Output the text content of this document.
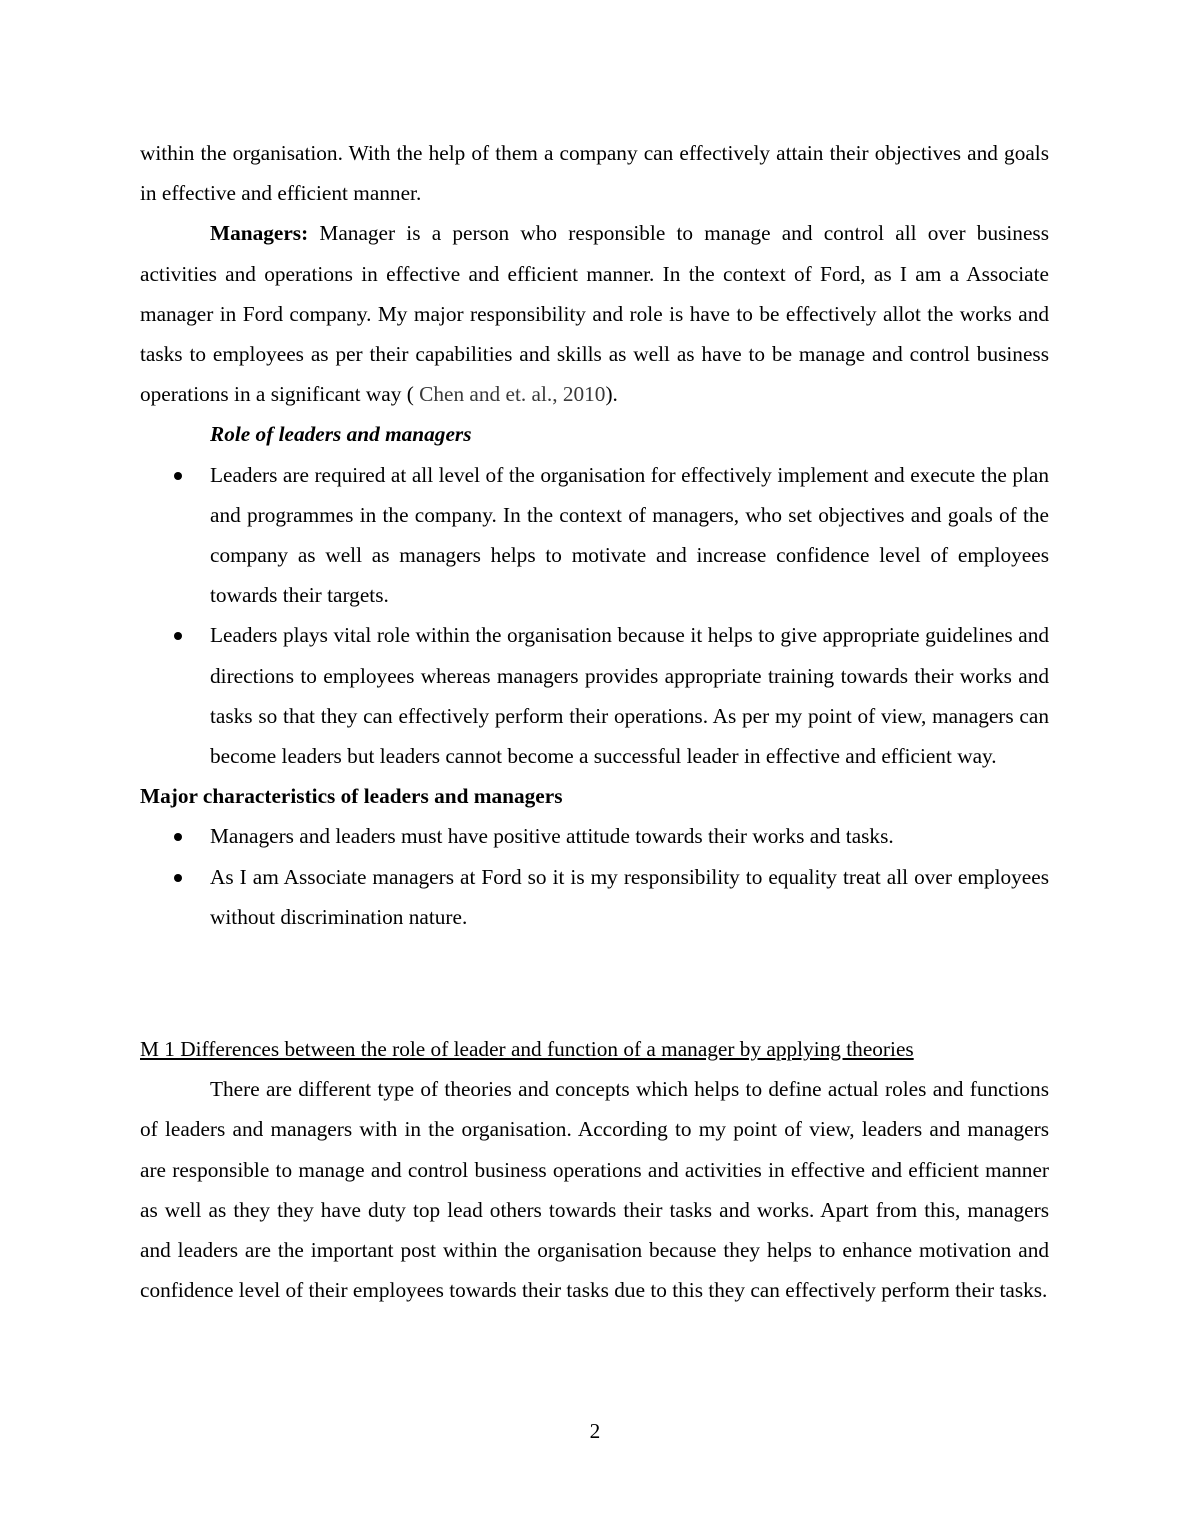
within the organisation. With the help of them a company can effectively attain their objectives and goals in effective and efficient manner.

Managers: Manager is a person who responsible to manage and control all over business activities and operations in effective and efficient manner. In the context of Ford, as I am a Associate manager in Ford company. My major responsibility and role is have to be effectively allot the works and tasks to employees as per their capabilities and skills as well as have to be manage and control business operations in a significant way ( Chen and et. al., 2010).

Role of leaders and managers

Leaders are required at all level of the organisation for effectively implement and execute the plan and programmes in the company. In the context of managers, who set objectives and goals of the company as well as managers helps to motivate and increase confidence level of employees towards their targets.
Leaders plays vital role within the organisation because it helps to give appropriate guidelines and directions to employees whereas managers provides appropriate training towards their works and tasks so that they can effectively perform their operations. As per my point of view, managers can become leaders but leaders cannot become a successful leader in effective and efficient way.

Major characteristics of leaders and managers

Managers and leaders must have positive attitude towards their works and tasks.
As I am Associate managers at Ford so it is my responsibility to equality treat all over employees without discrimination nature.

M 1 Differences between the role of leader and function of a manager by applying theories

There are different type of theories and concepts which helps to define actual roles and functions of leaders and managers with in the organisation. According to my point of view, leaders and managers are responsible to manage and control business operations and activities in effective and efficient manner as well as they they have duty top lead others towards their tasks and works. Apart from this, managers and leaders are the important post within the organisation because they helps to enhance motivation and confidence level of their employees towards their tasks due to this they can effectively perform their tasks.

2
